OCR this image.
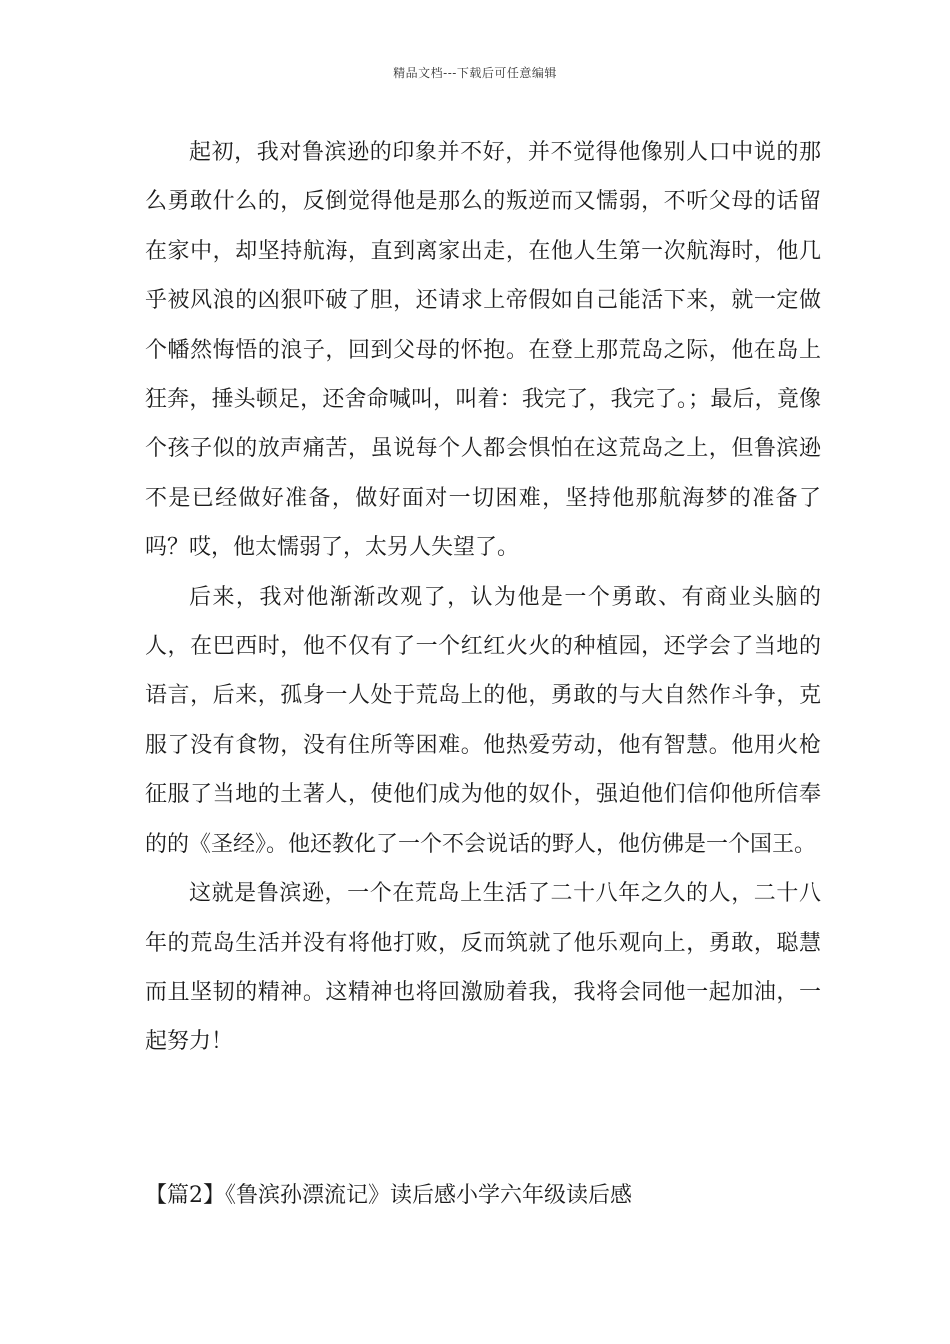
精品文档---下载后可任意编辑

起初，我对鲁滨逊的印象并不好，并不觉得他像别人口中说的那么勇敢什么的，反倒觉得他是那么的叛逆而又懦弱，不听父母的话留在家中，却坚持航海，直到离家出走，在他人生第一次航海时，他几乎被风浪的凶狠吓破了胆，还请求上帝假如自己能活下来，就一定做个幡然悔悟的浪子，回到父母的怀抱。在登上那荒岛之际，他在岛上狂奔，捶头顿足，还舍命喊叫，叫着：我完了，我完了。；最后，竟像个孩子似的放声痛苦，虽说每个人都会惧怕在这荒岛之上，但鲁滨逊不是已经做好准备，做好面对一切困难，坚持他那航海梦的准备了吗？哎，他太懦弱了，太另人失望了。

后来，我对他渐渐改观了，认为他是一个勇敢、有商业头脑的人，在巴西时，他不仅有了一个红红火火的种植园，还学会了当地的语言，后来，孤身一人处于荒岛上的他，勇敢的与大自然作斗争，克服了没有食物，没有住所等困难。他热爱劳动，他有智慧。他用火枪征服了当地的土著人，使他们成为他的奴仆，强迫他们信仰他所信奉的的《圣经》。他还教化了一个不会说话的野人，他仿佛是一个国王。

这就是鲁滨逊，一个在荒岛上生活了二十八年之久的人，二十八年的荒岛生活并没有将他打败，反而筑就了他乐观向上，勇敢，聪慧而且坚韧的精神。这精神也将回激励着我，我将会同他一起加油，一起努力！

【篇2】《鲁滨孙漂流记》读后感小学六年级读后感
